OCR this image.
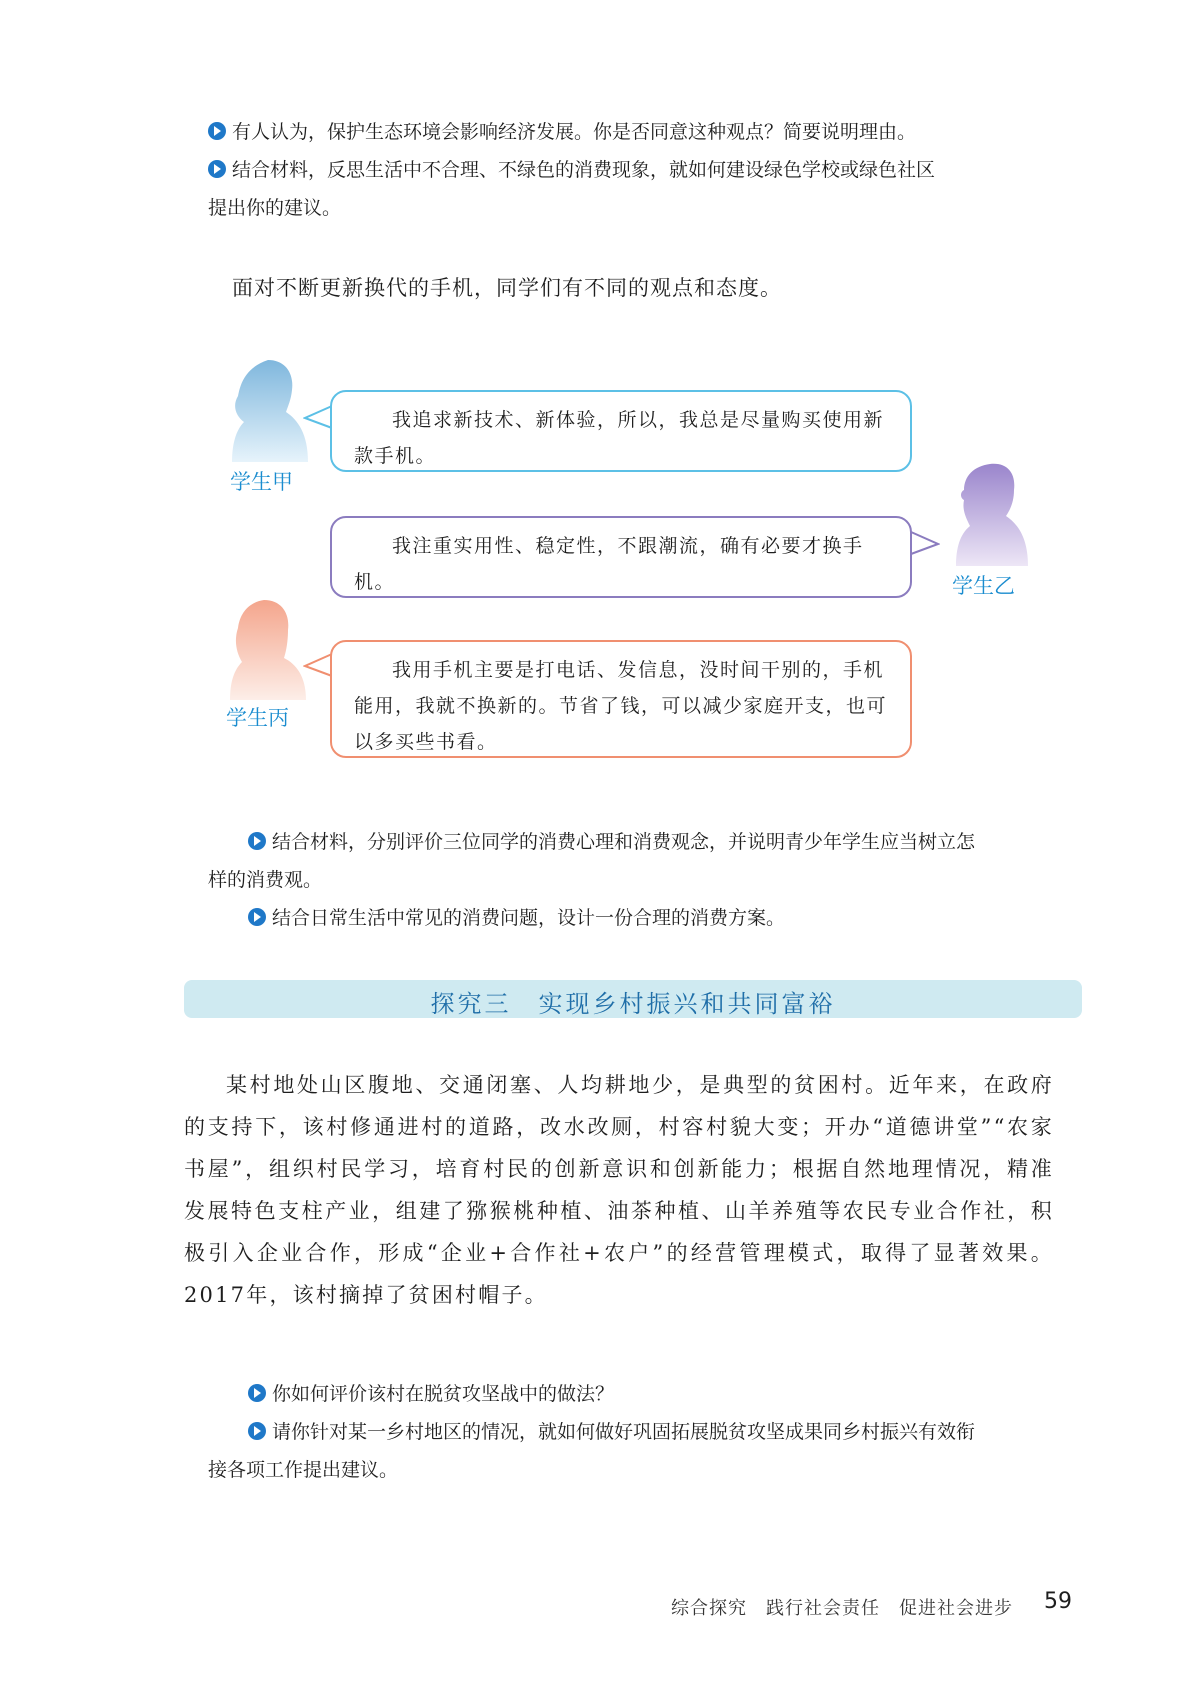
有人认为，保护生态环境会影响经济发展。你是否同意这种观点？简要说明理由。

结合材料，反思生活中不合理、不绿色的消费现象，就如何建设绿色学校或绿色社区

提出你的建议。

面对不断更新换代的手机，同学们有不同的观点和态度。

学生甲

我追求新技术、新体验，所以，我总是尽量购买使用新款手机。

我注重实用性、稳定性，不跟潮流，确有必要才换手机。	学生乙

学生丙

我用手机主要是打电话、发信息，没时间干别的，手机能用，我就不换新的。节省了钱，可以减少家庭开支，也可以多买些书看。

结合材料，分别评价三位同学的消费心理和消费观念，并说明青少年学生应当树立怎

样的消费观。

结合日常生活中常见的消费问题，设计一份合理的消费方案。

探究三　实现乡村振兴和共同富裕

某村地处山区腹地、交通闭塞、人均耕地少，是典型的贫困村。近年来，在政府的支持下，该村修通进村的道路，改水改厕，村容村貌大变；开办“道德讲堂”“农家书屋”，组织村民学习，培育村民的创新意识和创新能力；根据自然地理情况，精准发展特色支柱产业，组建了猕猴桃种植、油茶种植、山羊养殖等农民专业合作社，积极引入企业合作，形成“企业+合作社+农户”的经营管理模式，取得了显著效果。2017年，该村摘掉了贫困村帽子。

你如何评价该村在脱贫攻坚战中的做法？

请你针对某一乡村地区的情况，就如何做好巩固拓展脱贫攻坚成果同乡村振兴有效衔

接各项工作提出建议。

综合探究　践行社会责任　促进社会进步 59
